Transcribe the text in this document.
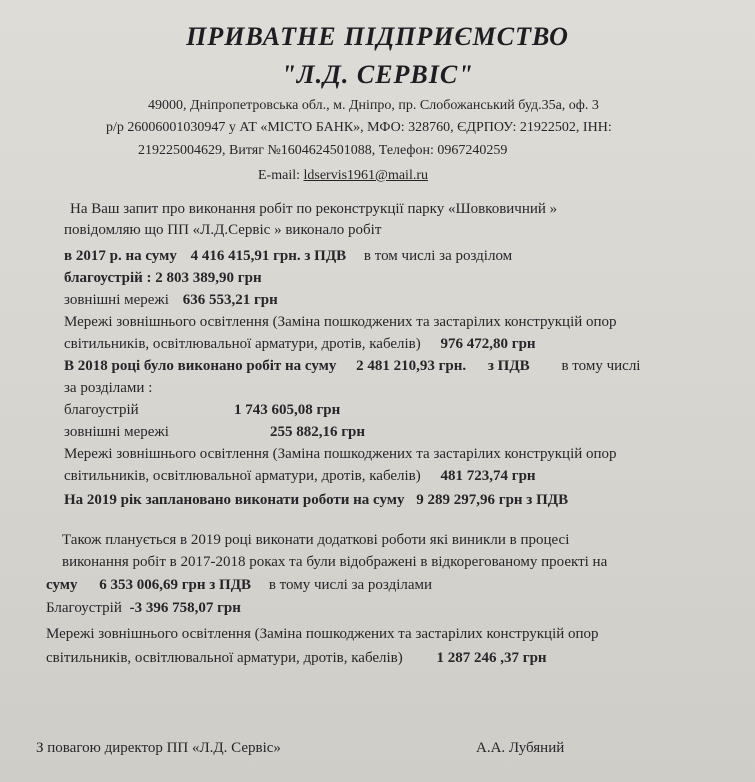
ПРИВАТНЕ ПІДПРИЄМСТВО
"Л.Д. СЕРВІС"
49000, Дніпропетровська обл., м. Дніпро, пр. Слобожанський буд.35а, оф. 3
р/р 26006001030947 у АТ «МІСТО БАНК», МФО: 328760, ЄДРПОУ: 21922502, ІНН:
219225004629, Витяг №1604624501088, Телефон: 0967240259
E-mail: ldservis1961@mail.ru
На Ваш запит про виконання робіт по реконструкції парку «Шовковичний »
повідомляю що ПП «Л.Д.Сервіс » виконало робіт
в 2017 р. на суму 4 416 415,91 грн. з ПДВ в том числі за розділом
благоустрій : 2 803 389,90 грн
зовнішні мережі 636 553,21 грн
Мережі зовнішнього освітлення (Заміна пошкоджених та застарілих конструкцій опор
світильників, освітлювальної арматури, дротів, кабелів) 976 472,80 грн
В 2018 році було виконано робіт на суму 2 481 210,93 грн. з ПДВ в тому числі
за розділами :
благоустрій	1 743 605,08 грн
зовнішні мережі	255 882,16 грн
Мережі зовнішнього освітлення (Заміна пошкоджених та застарілих конструкцій опор
світильників, освітлювальної арматури, дротів, кабелів) 481 723,74 грн
На 2019 рік заплановано виконати роботи на суму 9 289 297,96 грн з ПДВ
Також планується в 2019 році виконати додаткові роботи які виникли в процесі
виконання робіт в 2017-2018 роках та були відображені в відкорегованому проекті на
суму 6 353 006,69 грн з ПДВ в тому числі за розділами
Благоустрій -3 396 758,07 грн
Мережі зовнішнього освітлення (Заміна пошкоджених та застарілих конструкцій опор
світильників, освітлювальної арматури, дротів, кабелів) 1 287 246 ,37 грн
З повагою директор ПП «Л.Д. Сервіс»	А.А. Лубяний
